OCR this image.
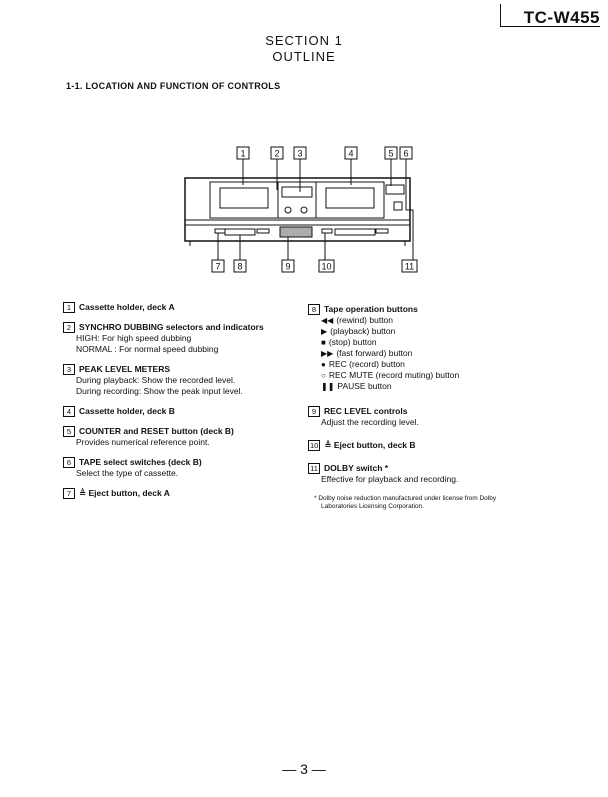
TC-W455
SECTION 1
OUTLINE
1-1. LOCATION AND FUNCTION OF CONTROLS
1	2 3	4	5 6
7 8	9	10	11
1 Cassette holder, deck A
2 SYNCHRO DUBBING selectors and indicators
HIGH: For high speed dubbing
NORMAL : For normal speed dubbing
3 PEAK LEVEL METERS
During playback: Show the recorded level.
During recording: Show the peak input level.
4 Cassette holder, deck B
5 COUNTER and RESET button (deck B)
Provides numerical reference point.
6 TAPE select switches (deck B)
Select the type of cassette.
7 ≜ Eject button, deck A
8 Tape operation buttons
◀◀ (rewind) button
▶ (playback) button
■ (stop) button
▶▶ (fast forward) button
● REC (record) button
○ REC MUTE (record muting) button
❚❚ PAUSE button
9 REC LEVEL controls
Adjust the recording level.
10 ≜ Eject button, deck B
11 DOLBY switch *
Effective for playback and recording.
* Dolby noise reduction manufactured under license from Dolby
Laboratories Licensing Corporation.
— 3 —
